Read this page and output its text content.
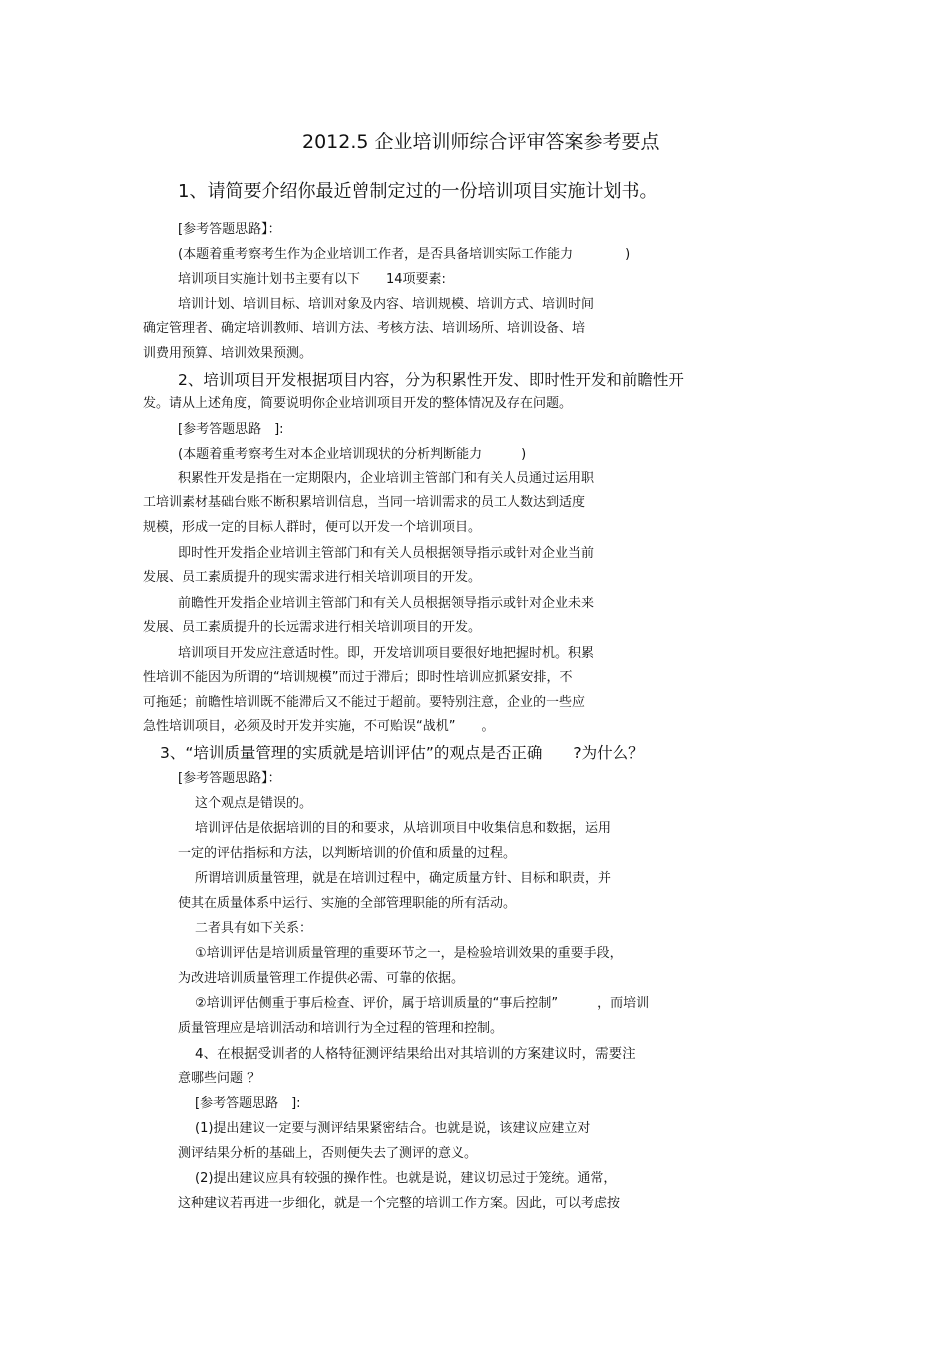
2012.5 企业培训师综合评审答案参考要点
1、请简要介绍你最近曾制定过的一份培训项目实施计划书。
[参考答题思路】：
(本题着重考察考生作为企业培训工作者，是否具备培训实际工作能力　　　　)
培训项目实施计划书主要有以下　　14项要素:
培训计划、培训目标、培训对象及内容、培训规模、培训方式、培训时间
确定管理者、确定培训教师、培训方法、考核方法、培训场所、培训设备、培
训费用预算、培训效果预测。
2、培训项目开发根据项目内容，分为积累性开发、即时性开发和前瞻性开
发。请从上述角度，简要说明你企业培训项目开发的整体情况及存在问题。
[参考答题思路　]:
(本题着重考察考生对本企业培训现状的分析判断能力　　　)
积累性开发是指在一定期限内，企业培训主管部门和有关人员通过运用职
工培训素材基础台账不断积累培训信息，当同一培训需求的员工人数达到适度
规模，形成一定的目标人群时，便可以开发一个培训项目。
即时性开发指企业培训主管部门和有关人员根据领导指示或针对企业当前
发展、员工素质提升的现实需求进行相关培训项目的开发。
前瞻性开发指企业培训主管部门和有关人员根据领导指示或针对企业未来
发展、员工素质提升的长远需求进行相关培训项目的开发。
培训项目开发应注意适时性。即，开发培训项目要很好地把握时机。积累
性培训不能因为所谓的“培训规模”而过于滞后；即时性培训应抓紧安排，不
可拖延；前瞻性培训既不能滞后又不能过于超前。要特别注意，企业的一些应
急性培训项目，必须及时开发并实施，不可贻误“战机”　　。
3、“培训质量管理的实质就是培训评估”的观点是否正确　　?为什么？
[参考答题思路】：
这个观点是错误的。
培训评估是依据培训的目的和要求，从培训项目中收集信息和数据，运用
一定的评估指标和方法，以判断培训的价值和质量的过程。
所谓培训质量管理，就是在培训过程中，确定质量方针、目标和职责，并
使其在质量体系中运行、实施的全部管理职能的所有活动。
二者具有如下关系：
①培训评估是培训质量管理的重要环节之一，是检验培训效果的重要手段，
为改进培训质量管理工作提供必需、可靠的依据。
②培训评估侧重于事后检查、评价，属于培训质量的“事后控制”　　　，而培训
质量管理应是培训活动和培训行为全过程的管理和控制。
4、在根据受训者的人格特征测评结果给出对其培训的方案建议时，需要注
意哪些问题 ？
[参考答题思路　]:
(1)提出建议一定要与测评结果紧密结合。也就是说，该建议应建立对
测评结果分析的基础上，否则便失去了测评的意义。
(2)提出建议应具有较强的操作性。也就是说，建议切忌过于笼统。通常，
这种建议若再进一步细化，就是一个完整的培训工作方案。因此，可以考虑按
